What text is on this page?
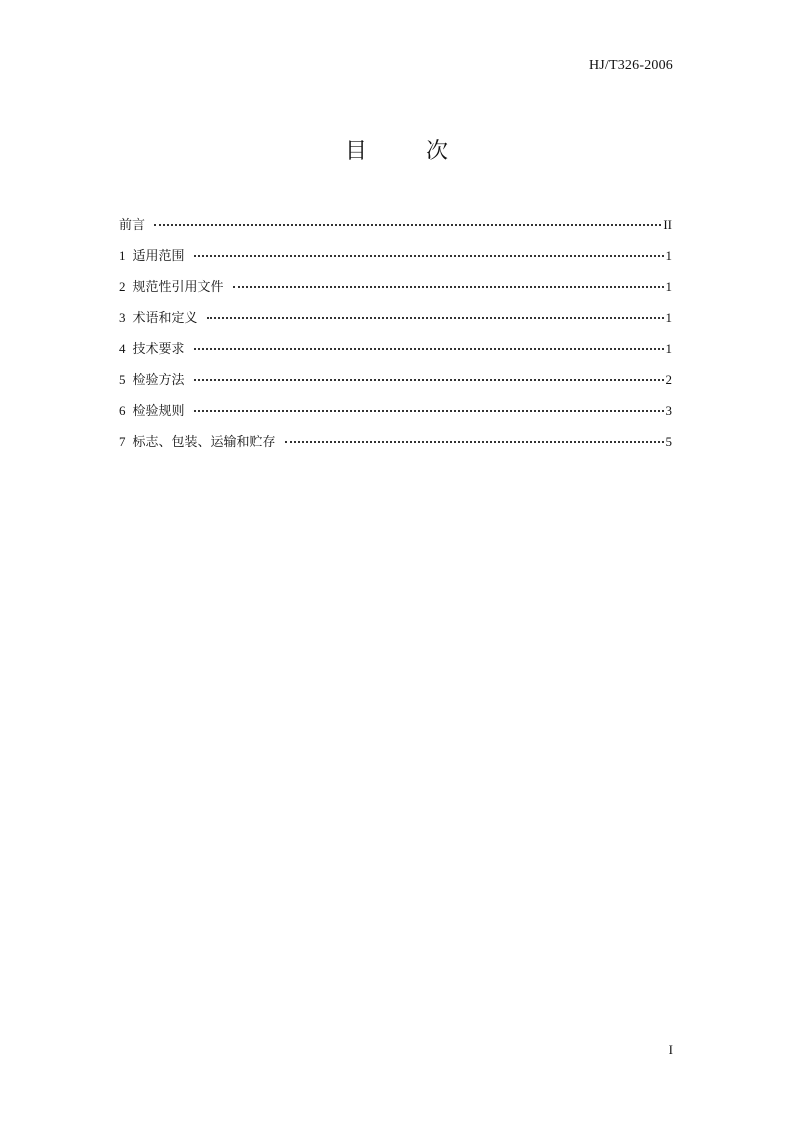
HJ/T326-2006
目 次
前言	II
1 适用范围	1
2 规范性引用文件	1
3 术语和定义	1
4 技术要求	1
5 检验方法	2
6 检验规则	3
7 标志、包装、运输和贮存	5
I
